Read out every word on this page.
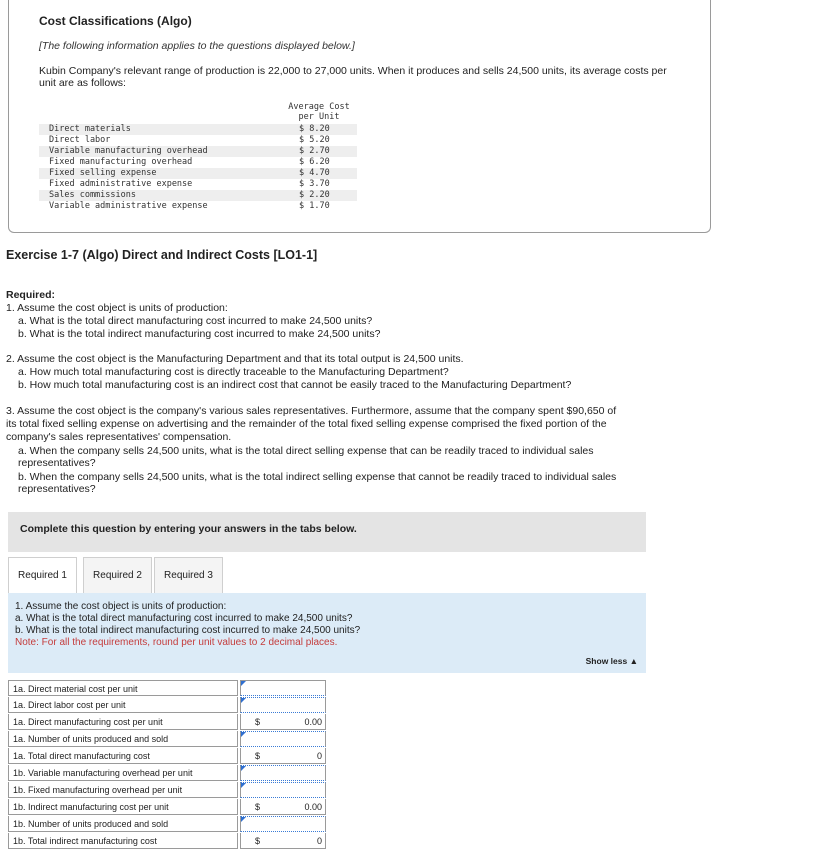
Cost Classifications (Algo)
[The following information applies to the questions displayed below.]
Kubin Company's relevant range of production is 22,000 to 27,000 units. When it produces and sells 24,500 units, its average costs per unit are as follows:
Average Cost
per Unit
Direct materials	$ 8.20
Direct labor	$ 5.20
Variable manufacturing overhead	$ 2.70
Fixed manufacturing overhead	$ 6.20
Fixed selling expense	$ 4.70
Fixed administrative expense	$ 3.70
Sales commissions	$ 2.20
Variable administrative expense	$ 1.70
Exercise 1-7 (Algo) Direct and Indirect Costs [LO1-1]
Required:
1. Assume the cost object is units of production:
a. What is the total direct manufacturing cost incurred to make 24,500 units?
b. What is the total indirect manufacturing cost incurred to make 24,500 units?
2. Assume the cost object is the Manufacturing Department and that its total output is 24,500 units.
a. How much total manufacturing cost is directly traceable to the Manufacturing Department?
b. How much total manufacturing cost is an indirect cost that cannot be easily traced to the Manufacturing Department?
3. Assume the cost object is the company's various sales representatives. Furthermore, assume that the company spent $90,650 of
its total fixed selling expense on advertising and the remainder of the total fixed selling expense comprised the fixed portion of the
company's sales representatives' compensation.
a. When the company sells 24,500 units, what is the total direct selling expense that can be readily traced to individual sales
representatives?
b. When the company sells 24,500 units, what is the total indirect selling expense that cannot be readily traced to individual sales
representatives?
Complete this question by entering your answers in the tabs below.
Required 1	Required 2	Required 3
1. Assume the cost object is units of production:
a. What is the total direct manufacturing cost incurred to make 24,500 units?
b. What is the total indirect manufacturing cost incurred to make 24,500 units?
Note: For all the requirements, round per unit values to 2 decimal places.
Show less ▲
1a. Direct material cost per unit
1a. Direct labor cost per unit
1a. Direct manufacturing cost per unit	$	0.00
1a. Number of units produced and sold
1a. Total direct manufacturing cost	$	0
1b. Variable manufacturing overhead per unit
1b. Fixed manufacturing overhead per unit
1b. Indirect manufacturing cost per unit	$	0.00
1b. Number of units produced and sold
1b. Total indirect manufacturing cost	$	0
